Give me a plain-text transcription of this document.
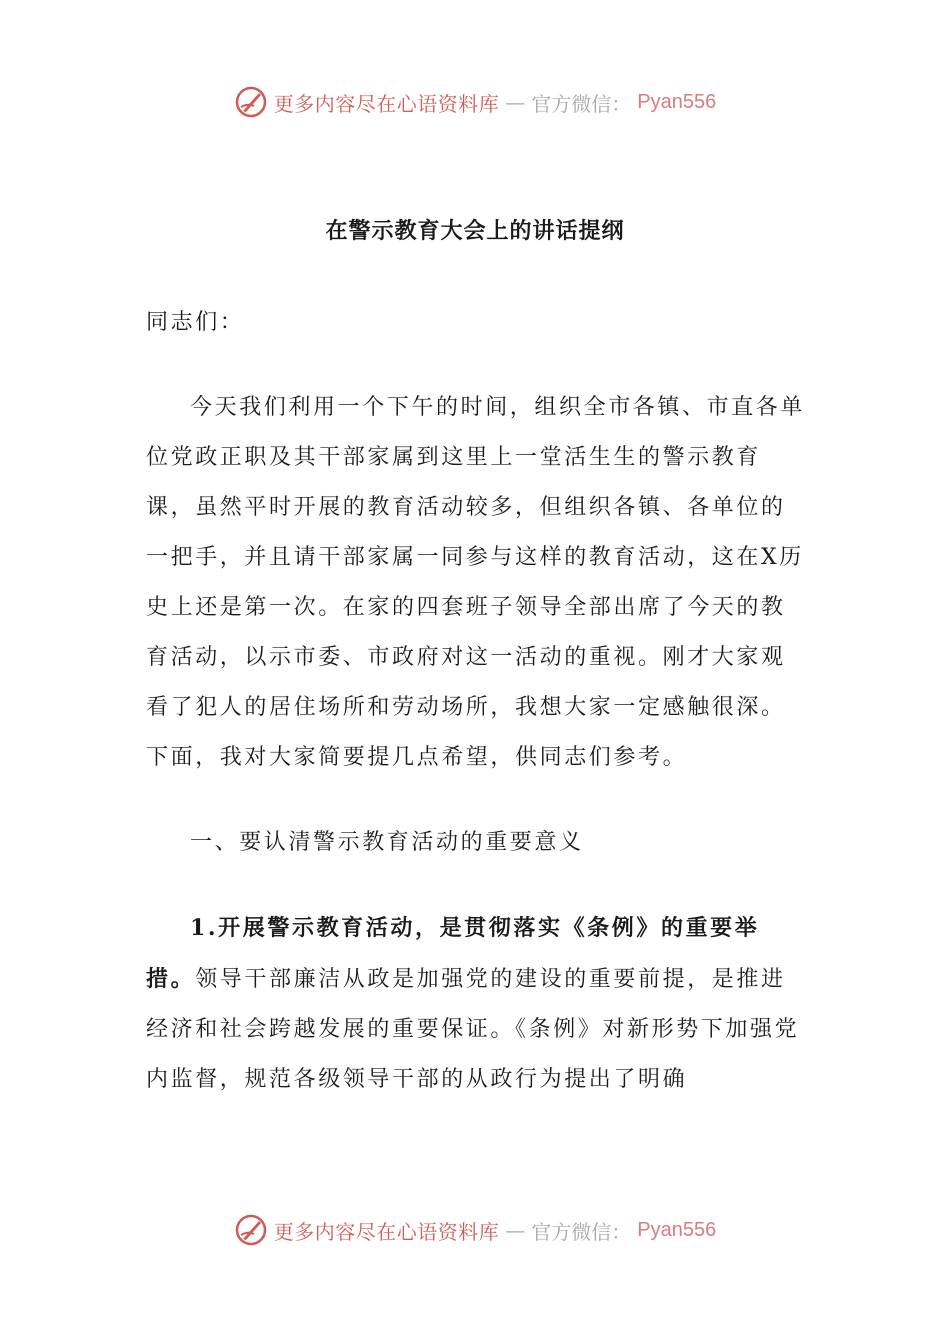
更多内容尽在心语资料库 — 官方微信： Pyan556
在警示教育大会上的讲话提纲

同志们：

今天我们利用一个下午的时间，组织全市各镇、市直各单位党政正职及其干部家属到这里上一堂活生生的警示教育课，虽然平时开展的教育活动较多，但组织各镇、各单位的一把手，并且请干部家属一同参与这样的教育活动，这在X历史上还是第一次。在家的四套班子领导全部出席了今天的教育活动，以示市委、市政府对这一活动的重视。刚才大家观看了犯人的居住场所和劳动场所，我想大家一定感触很深。下面，我对大家简要提几点希望，供同志们参考。

一、要认清警示教育活动的重要意义

1.开展警示教育活动，是贯彻落实《条例》的重要举措。领导干部廉洁从政是加强党的建设的重要前提，是推进经济和社会跨越发展的重要保证。《条例》对新形势下加强党内监督，规范各级领导干部的从政行为提出了明确

更多内容尽在心语资料库 — 官方微信： Pyan556
